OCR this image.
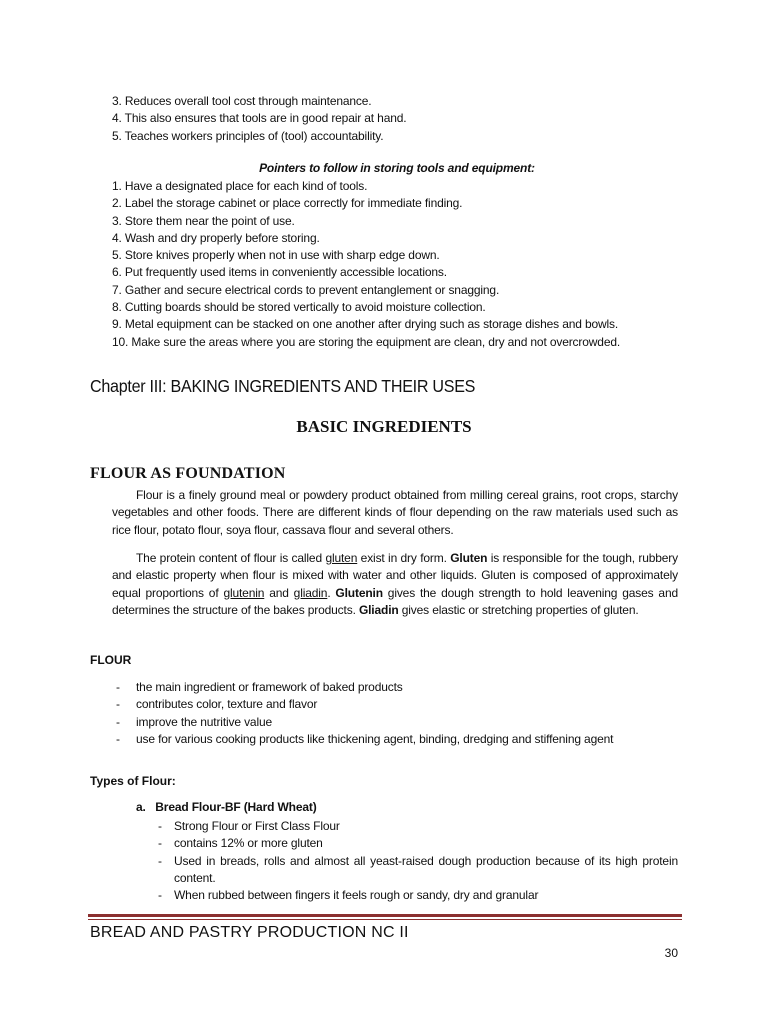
3. Reduces overall tool cost through maintenance.
4. This also ensures that tools are in good repair at hand.
5. Teaches workers principles of (tool) accountability.
Pointers to follow in storing tools and equipment:
1. Have a designated place for each kind of tools.
2. Label the storage cabinet or place correctly for immediate finding.
3. Store them near the point of use.
4. Wash and dry properly before storing.
5. Store knives properly when not in use with sharp edge down.
6. Put frequently used items in conveniently accessible locations.
7. Gather and secure electrical cords to prevent entanglement or snagging.
8. Cutting boards should be stored vertically to avoid moisture collection.
9. Metal equipment can be stacked on one another after drying such as storage dishes and bowls.
10. Make sure the areas where you are storing the equipment are clean, dry and not overcrowded.
Chapter III: BAKING INGREDIENTS AND THEIR USES
BASIC INGREDIENTS
FLOUR AS FOUNDATION

Flour is a finely ground meal or powdery product obtained from milling cereal grains, root crops, starchy vegetables and other foods. There are different kinds of flour depending on the raw materials used such as rice flour, potato flour, soya flour, cassava flour and several others.

The protein content of flour is called gluten exist in dry form. Gluten is responsible for the tough, rubbery and elastic property when flour is mixed with water and other liquids. Gluten is composed of approximately equal proportions of glutenin and gliadin. Glutenin gives the dough strength to hold leavening gases and determines the structure of the bakes products. Gliadin gives elastic or stretching properties of gluten.

FLOUR
- the main ingredient or framework of baked products
- contributes color, texture and flavor
- improve the nutritive value
- use for various cooking products like thickening agent, binding, dredging and stiffening agent
Types of Flour:
a. Bread Flour-BF (Hard Wheat)
- Strong Flour or First Class Flour
- contains 12% or more gluten
- Used in breads, rolls and almost all yeast-raised dough production because of its high protein content.
- When rubbed between fingers it feels rough or sandy, dry and granular
BREAD AND PASTRY PRODUCTION NC II
30
